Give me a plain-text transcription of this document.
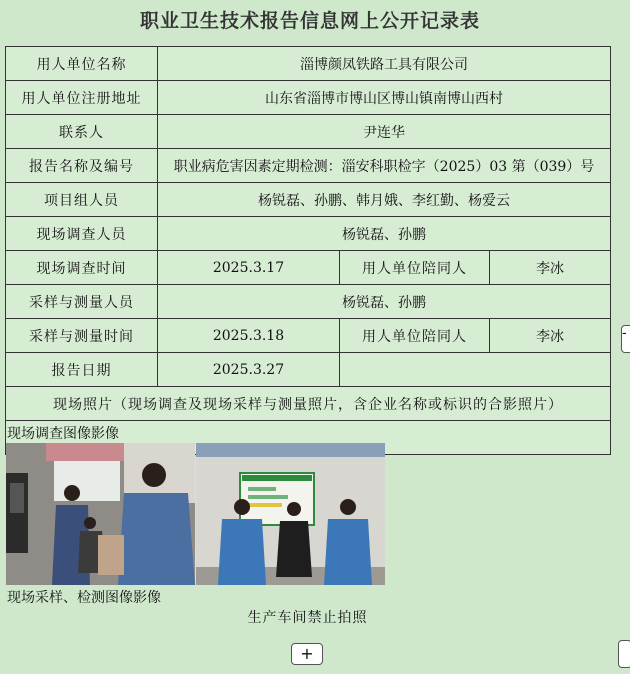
职业卫生技术报告信息网上公开记录表
用人单位名称	淄博颜凤铁路工具有限公司		
用人单位注册地址	山东省淄博市博山区博山镇南博山西村		
联系人	尹连华		
报告名称及编号	职业病危害因素定期检测：淄安科职检字（2025）03 第（039）号		
项目组人员	杨锐磊、孙鹏、韩月娥、李红勤、杨爱云		
现场调查人员	杨锐磊、孙鹏		
现场调查时间	2025.3.17	用人单位陪同人	李冰
采样与测量人员	杨锐磊、孙鹏		
采样与测量时间	2025.3.18	用人单位陪同人	李冰
报告日期	2025.3.27		
现场照片（现场调查及现场采样与测量照片，含企业名称或标识的合影照片）			

现场调查图像影像
现场采样、检测图像影像
生产车间禁止拍照			
-
+
